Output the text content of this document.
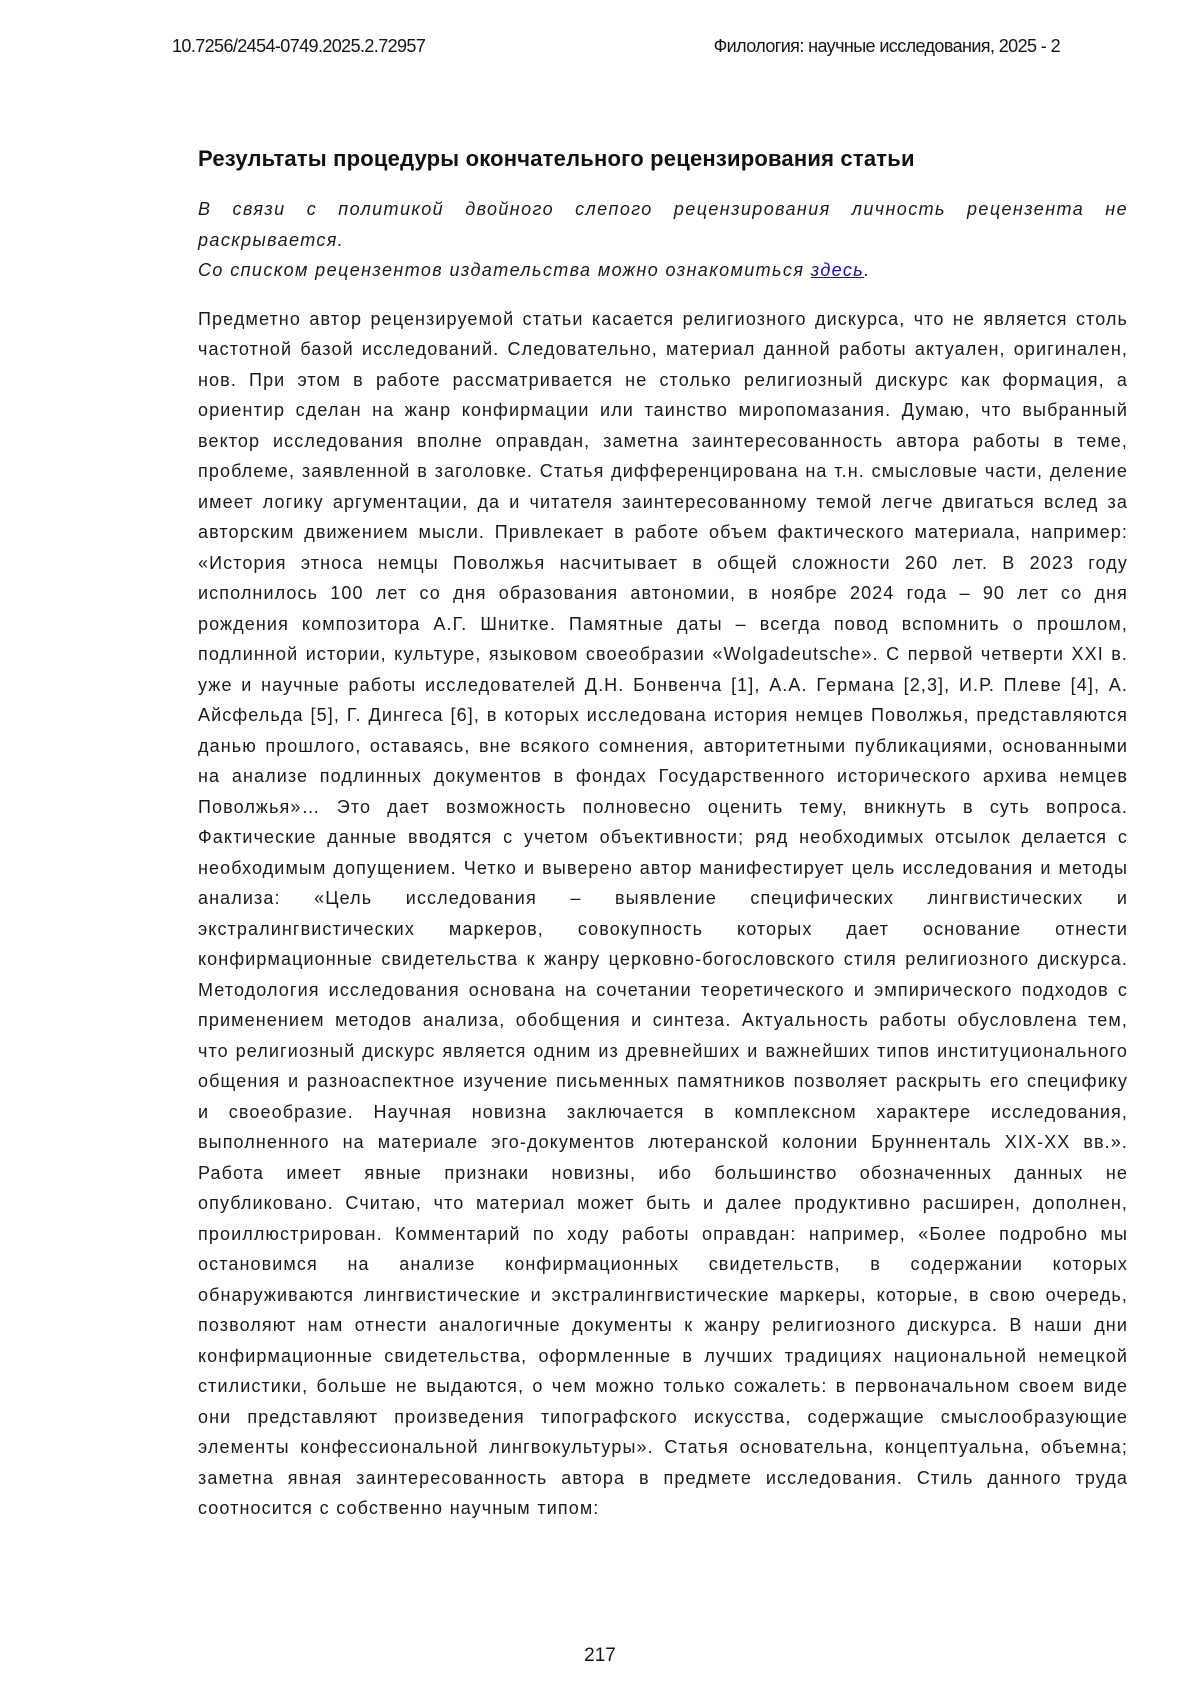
10.7256/2454-0749.2025.2.72957	Филология: научные исследования, 2025 - 2
Результаты процедуры окончательного рецензирования статьи

В связи с политикой двойного слепого рецензирования личность рецензента не раскрывается.

Со списком рецензентов издательства можно ознакомиться здесь.

Предметно автор рецензируемой статьи касается религиозного дискурса, что не является столь частотной базой исследований. Следовательно, материал данной работы актуален, оригинален, нов. При этом в работе рассматривается не столько религиозный дискурс как формация, а ориентир сделан на жанр конфирмации или таинство миропомазания. Думаю, что выбранный вектор исследования вполне оправдан, заметна заинтересованность автора работы в теме, проблеме, заявленной в заголовке. Статья дифференцирована на т.н. смысловые части, деление имеет логику аргументации, да и читателя заинтересованному темой легче двигаться вслед за авторским движением мысли. Привлекает в работе объем фактического материала, например: «История этноса немцы Поволжья насчитывает в общей сложности 260 лет. В 2023 году исполнилось 100 лет со дня образования автономии, в ноябре 2024 года – 90 лет со дня рождения композитора А.Г. Шнитке. Памятные даты – всегда повод вспомнить о прошлом, подлинной истории, культуре, языковом своеобразии «Wolgadeutsche». С первой четверти XXI в. уже и научные работы исследователей Д.Н. Бонвенча [1], А.А. Германа [2,3], И.Р. Плеве [4], А. Айсфельда [5], Г. Дингеса [6], в которых исследована история немцев Поволжья, представляются данью прошлого, оставаясь, вне всякого сомнения, авторитетными публикациями, основанными на анализе подлинных документов в фондах Государственного исторического архива немцев Поволжья»… Это дает возможность полновесно оценить тему, вникнуть в суть вопроса. Фактические данные вводятся с учетом объективности; ряд необходимых отсылок делается с необходимым допущением. Четко и выверено автор манифестирует цель исследования и методы анализа: «Цель исследования – выявление специфических лингвистических и экстралингвистических маркеров, совокупность которых дает основание отнести конфирмационные свидетельства к жанру церковно-богословского стиля религиозного дискурса. Методология исследования основана на сочетании теоретического и эмпирического подходов с применением методов анализа, обобщения и синтеза. Актуальность работы обусловлена тем, что религиозный дискурс является одним из древнейших и важнейших типов институционального общения и разноаспектное изучение письменных памятников позволяет раскрыть его специфику и своеобразие. Научная новизна заключается в комплексном характере исследования, выполненного на материале эго-документов лютеранской колонии Брунненталь XIX-XX вв.». Работа имеет явные признаки новизны, ибо большинство обозначенных данных не опубликовано. Считаю, что материал может быть и далее продуктивно расширен, дополнен, проиллюстрирован. Комментарий по ходу работы оправдан: например, «Более подробно мы остановимся на анализе конфирмационных свидетельств, в содержании которых обнаруживаются лингвистические и экстралингвистические маркеры, которые, в свою очередь, позволяют нам отнести аналогичные документы к жанру религиозного дискурса. В наши дни конфирмационные свидетельства, оформленные в лучших традициях национальной немецкой стилистики, больше не выдаются, о чем можно только сожалеть: в первоначальном своем виде они представляют произведения типографского искусства, содержащие смыслообразующие элементы конфессиональной лингвокультуры». Статья основательна, концептуальна, объемна; заметна явная заинтересованность автора в предмете исследования. Стиль данного труда соотносится с собственно научным типом:

217
